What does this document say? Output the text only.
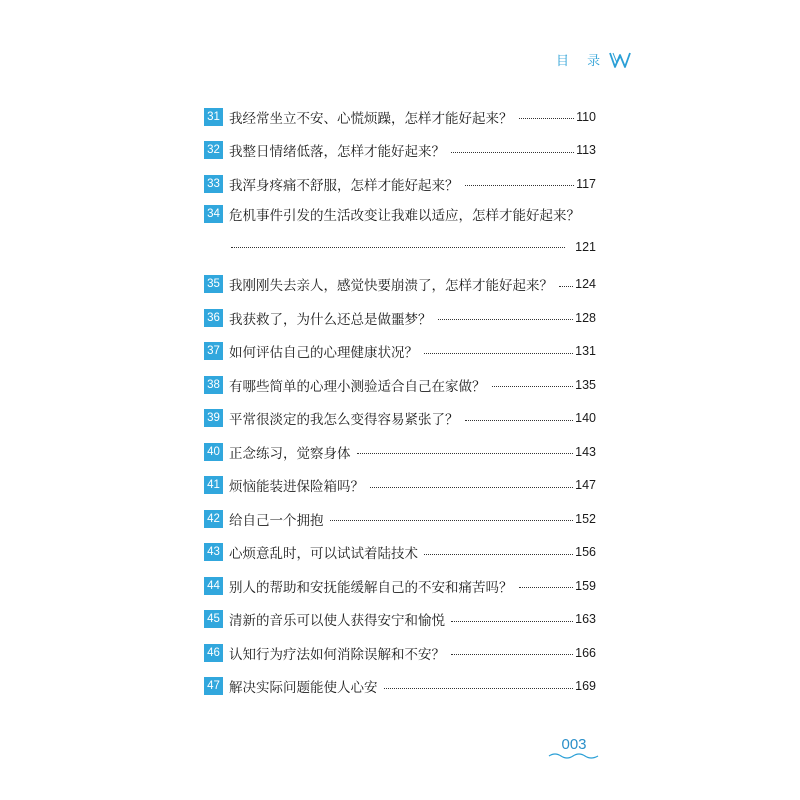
目 录
31 我经常坐立不安、心慌烦躁，怎样才能好起来？	110
32 我整日情绪低落，怎样才能好起来？	113
33 我浑身疼痛不舒服，怎样才能好起来？	117
34 危机事件引发的生活改变让我难以适应，怎样才能好起来？
121
35 我刚刚失去亲人，感觉快要崩溃了，怎样才能好起来？ 124
36 我获救了，为什么还总是做噩梦？	128
37 如何评估自己的心理健康状况？	131
38 有哪些简单的心理小测验适合自己在家做？	135
39 平常很淡定的我怎么变得容易紧张了？	140
40 正念练习，觉察身体	143
41 烦恼能装进保险箱吗？	147
42 给自己一个拥抱	152
43 心烦意乱时，可以试试着陆技术	156
44 别人的帮助和安抚能缓解自己的不安和痛苦吗？	159
45 清新的音乐可以使人获得安宁和愉悦	163
46 认知行为疗法如何消除误解和不安？	166
47 解决实际问题能使人心安	169
003
